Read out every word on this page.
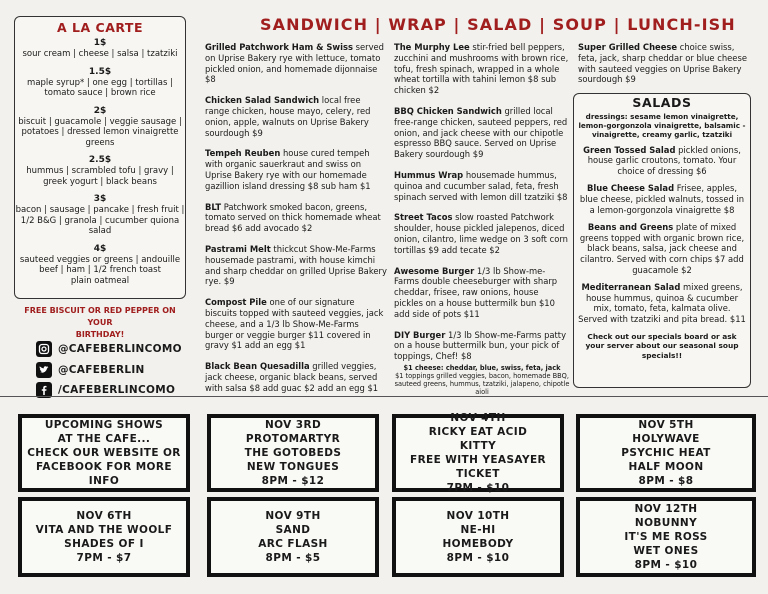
A LA CARTE
1$
sour cream | cheese | salsa | tzatziki
1.5$
maple syrup* | one egg | tortillas |
tomato sauce | brown rice
2$
biscuit | guacamole | veggie sausage |
potatoes | dressed lemon vinaigrette
greens
2.5$
hummus | scrambled tofu | gravy |
greek yogurt | black beans
3$
bacon | sausage | pancake | fresh fruit |
1/2 B&G | granola | cucumber quiona
salad
4$
sauteed veggies or greens | andouille
beef | ham | 1/2 french toast
plain oatmeal
FREE BISCUIT OR RED PEPPER ON YOUR
BIRTHDAY!
@CAFEBERLINCOMO
@CAFEBERLIN
/CAFEBERLINCOMO
SANDWICH | WRAP | SALAD | SOUP | LUNCH-ISH

Grilled Patchwork Ham & Swiss served on Uprise Bakery rye with lettuce, tomato pickled onion, and homemade dijonnaise $8

Chicken Salad Sandwich local free range chicken, house mayo, celery, red onion, apple, walnuts on Uprise Bakery sourdough $9

Tempeh Reuben house cured tempeh with organic sauerkraut and swiss on Uprise Bakery rye with our homemade gazillion island dressing $8 sub ham $1

BLT Patchwork smoked bacon, greens, tomato served on thick homemade wheat bread $6 add avocado $2

Pastrami Melt thickcut Show-Me-Farms housemade pastrami, with house kimchi and sharp cheddar on grilled Uprise Bakery rye. $9

Compost Pile one of our signature biscuits topped with sauteed veggies, jack cheese, and a 1/3 lb Show-Me-Farms burger or veggie burger $11 covered in gravy $1 add an egg $1

Black Bean Quesadilla grilled veggies, jack cheese, organic black beans, served with salsa $8 add guac $2 add an egg $1

The Murphy Lee stir-fried bell peppers, zucchini and mushrooms with brown rice, tofu, fresh spinach, wrapped in a whole wheat tortilla with tahini lemon $8 sub chicken $2

BBQ Chicken Sandwich grilled local free-range chicken, sauteed peppers, red onion, and jack cheese with our chipotle espresso BBQ sauce. Served on Uprise Bakery sourdough $9

Hummus Wrap housemade hummus, quinoa and cucumber salad, feta, fresh spinach served with lemon dill tzatziki $8

Street Tacos slow roasted Patchwork shoulder, house pickled jalepenos, diced onion, cilantro, lime wedge on 3 soft corn tortillas $9 add tecate $2

Awesome Burger 1/3 lb Show-me-Farms double cheeseburger with sharp cheddar, frisee, raw onions, house pickles on a house buttermilk bun $10 add side of pots $11

DIY Burger 1/3 lb Show-me-Farms patty on a house buttermilk bun, your pick of toppings, Chef! $8

$1 cheese: cheddar, blue, swiss, feta, jack
$1 toppings grilled veggies, bacon, homemade BBQ, sauteed greens, hummus, tzatziki, jalapeno, chipotle aioli

Super Grilled Cheese choice swiss, feta, jack, sharp cheddar or blue cheese with sauteed veggies on Uprise Bakery sourdough $9

SALADS
dressings: sesame lemon vinaigrette, lemon-gorgonzola vinaigrette, balsamic - vinaigrette, creamy garlic, tzatziki

Green Tossed Salad pickled onions, house garlic croutons, tomato. Your choice of dressing $6

Blue Cheese Salad Frisee, apples, blue cheese, pickled walnuts, tossed in a lemon-gorgonzola vinaigrette $8

Beans and Greens plate of mixed greens topped with organic brown rice, black beans, salsa, jack cheese and cilantro. Served with corn chips $7 add guacamole $2

Mediterranean Salad mixed greens, house hummus, quinoa & cucumber mix, tomato, feta, kalmata olive. Served with tzatziki and pita bread. $11

Check out our specials board or ask your server about our seasonal soup specials!!
UPCOMING SHOWS
AT THE CAFE...
CHECK OUR WEBSITE OR
FACEBOOK FOR MORE INFO
NOV 3RD
PROTOMARTYR
THE GOTOBEDS
NEW TONGUES
8PM - $12
NOV 4TH
RICKY EAT ACID
KITTY
FREE WITH YEASAYER TICKET
7PM - $10
NOV 5TH
HOLYWAVE
PSYCHIC HEAT
HALF MOON
8PM - $8
NOV 6TH
VITA AND THE WOOLF
SHADES OF I
7PM - $7
NOV 9TH
SAND
ARC FLASH
8PM - $5
NOV 10TH
NE-HI
HOMEBODY
8PM - $10
NOV 12TH
NOBUNNY
IT'S ME ROSS
WET ONES
8PM - $10
